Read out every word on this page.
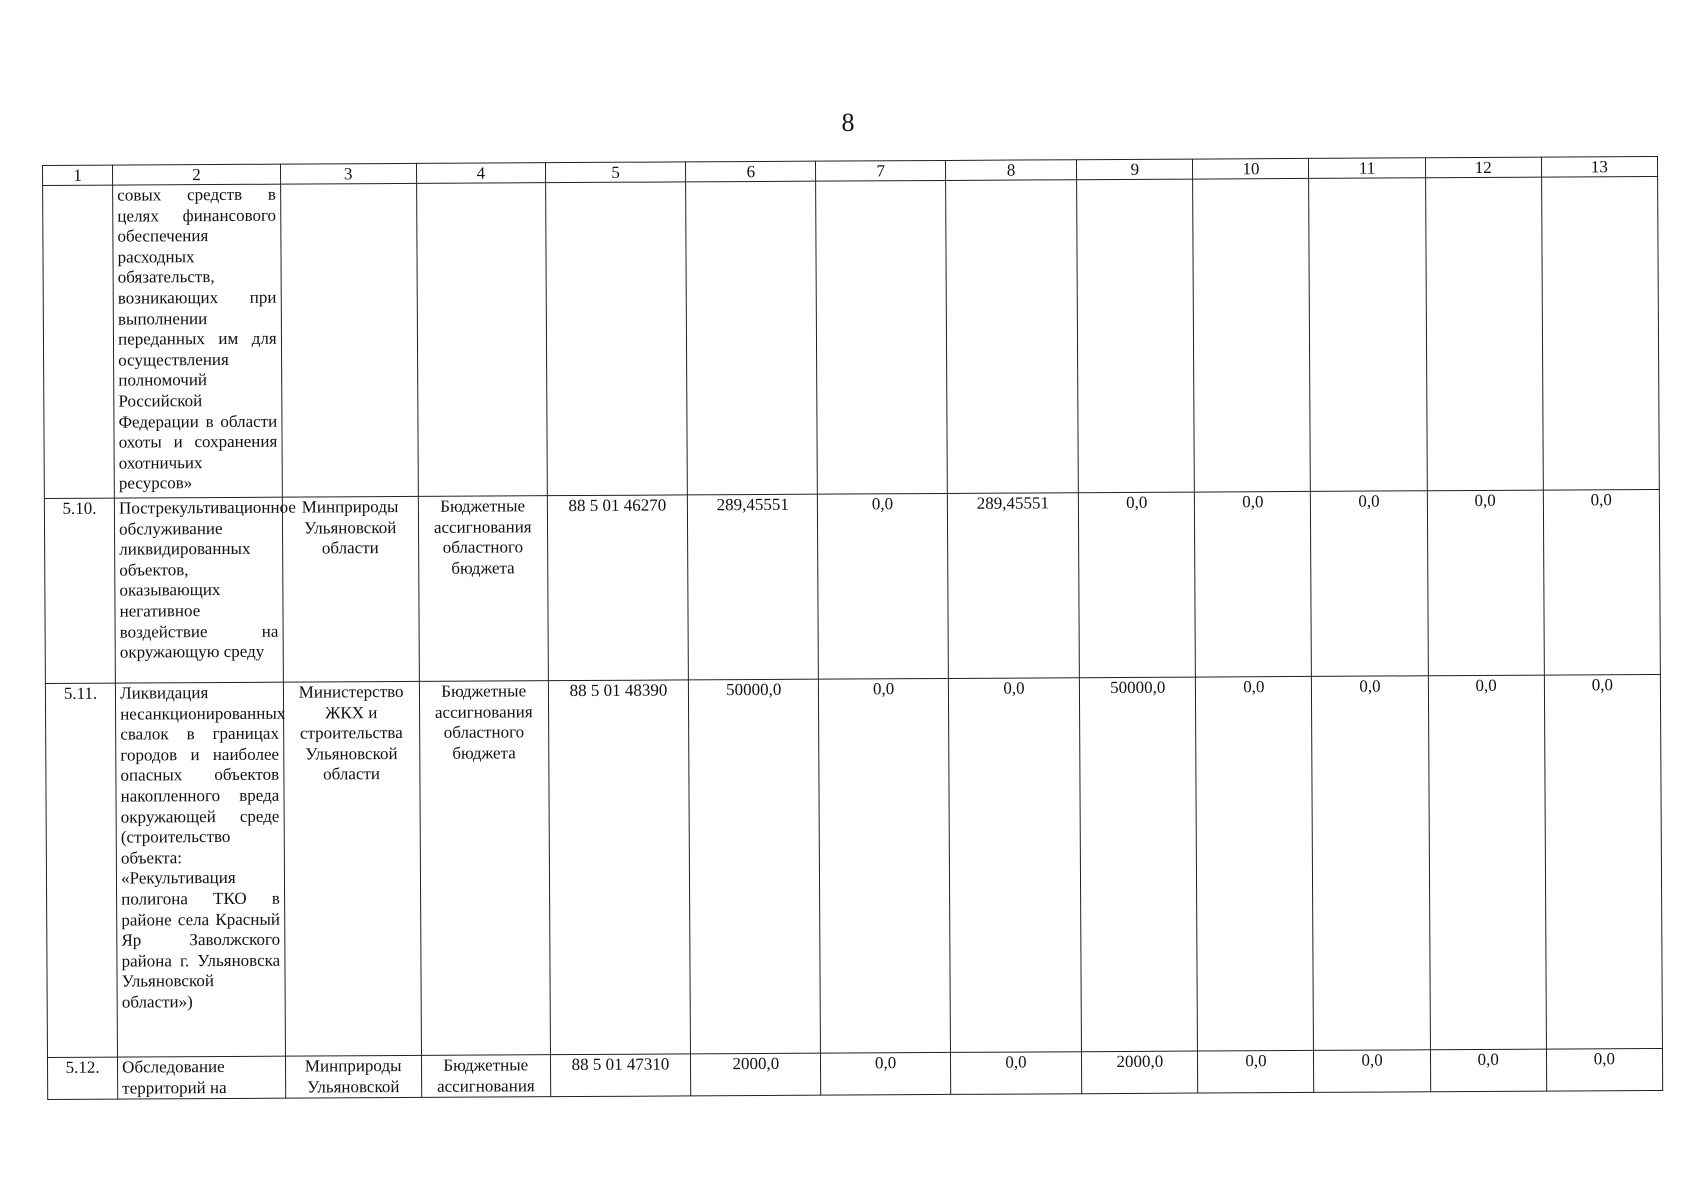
8
1	2	3	4	5	6	7	8	9	10	11	12	13
	совых средств в целях финансового обеспечения расходных обязательств, возникающих при выполнении переданных им для осуществления полномочий Российской Федерации в области охоты и сохранения охотничьих ресурсов»											
5.10.	Пострекультивационное обслуживание ликвидированных объектов, оказывающих негативное воздействие на окружающую среду	Минприроды Ульяновской области	Бюджетные ассигнования областного бюджета	88 5 01 46270	289,45551	0,0	289,45551	0,0	0,0	0,0	0,0	0,0
5.11.	Ликвидация несанкционированных свалок в границах городов и наиболее опасных объектов накопленного вреда окружающей среде (строительство объекта: «Рекультивация полигона ТКО в районе села Красный Яр Заволжского района г. Ульяновска Ульяновской области»)	Министерство ЖКХ и строительства Ульяновской области	Бюджетные ассигнования областного бюджета	88 5 01 48390	50000,0	0,0	0,0	50000,0	0,0	0,0	0,0	0,0
5.12.	Обследование территорий на	Минприроды Ульяновской	Бюджетные ассигнования	88 5 01 47310	2000,0	0,0	0,0	2000,0	0,0	0,0	0,0	0,0
